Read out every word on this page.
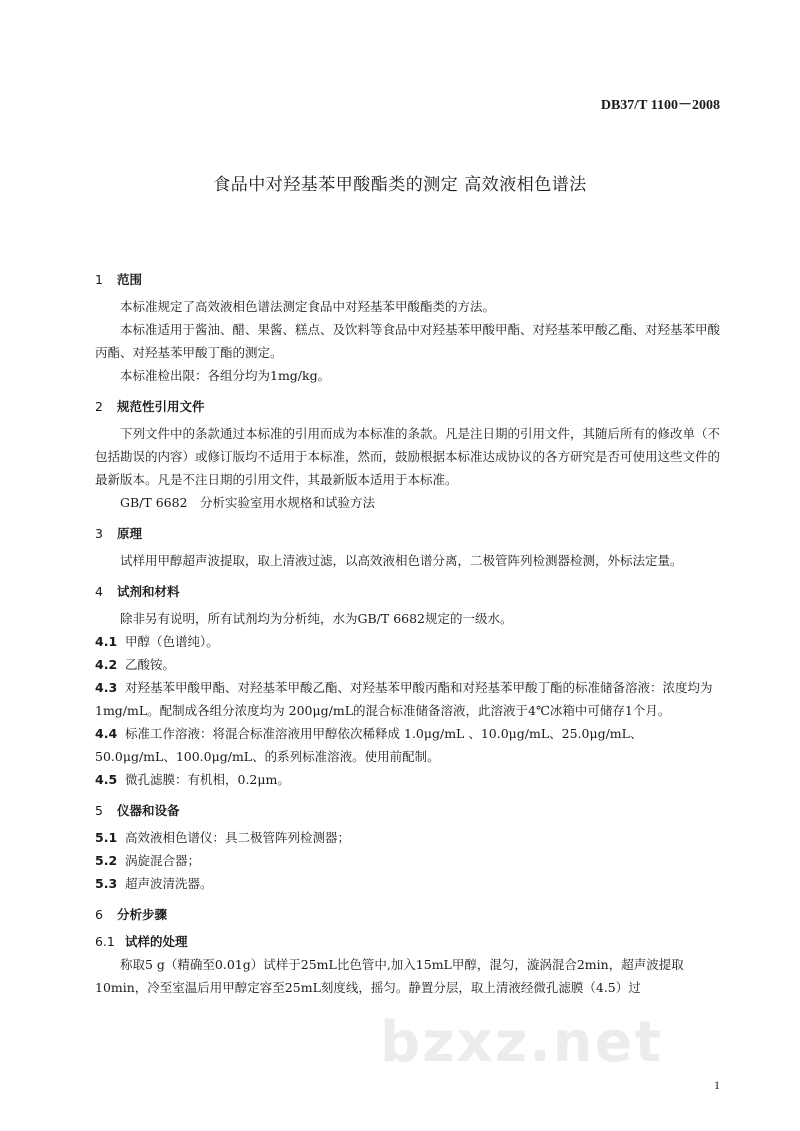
DB37/T 1100－2008
食品中对羟基苯甲酸酯类的测定 高效液相色谱法
1 范围

本标准规定了高效液相色谱法测定食品中对羟基苯甲酸酯类的方法。

本标准适用于酱油、醋、果酱、糕点、及饮料等食品中对羟基苯甲酸甲酯、对羟基苯甲酸乙酯、对羟基苯甲酸丙酯、对羟基苯甲酸丁酯的测定。

本标准检出限：各组分均为1mg/kg。

2 规范性引用文件

下列文件中的条款通过本标准的引用而成为本标准的条款。凡是注日期的引用文件，其随后所有的修改单（不包括勘误的内容）或修订版均不适用于本标准，然而，鼓励根据本标准达成协议的各方研究是否可使用这些文件的最新版本。凡是不注日期的引用文件，其最新版本适用于本标准。

GB/T 6682　分析实验室用水规格和试验方法

3 原理

试样用甲醇超声波提取，取上清液过滤，以高效液相色谱分离，二极管阵列检测器检测，外标法定量。

4 试剂和材料

除非另有说明，所有试剂均为分析纯，水为GB/T 6682规定的一级水。

4.1 甲醇（色谱纯）。

4.2 乙酸铵。

4.3 对羟基苯甲酸甲酯、对羟基苯甲酸乙酯、对羟基苯甲酸丙酯和对羟基苯甲酸丁酯的标准储备溶液：浓度均为1mg/mL。配制成各组分浓度均为 200μg/mL的混合标准储备溶液，此溶液于4℃冰箱中可储存1个月。

4.4 标准工作溶液：将混合标准溶液用甲醇依次稀释成 1.0μg/mL 、10.0μg/mL、25.0μg/mL、50.0μg/mL、100.0μg/mL、的系列标准溶液。使用前配制。

4.5 微孔滤膜：有机相，0.2μm。

5 仪器和设备

5.1 高效液相色谱仪：具二极管阵列检测器；

5.2 涡旋混合器；

5.3 超声波清洗器。

6 分析步骤
6.1 试样的处理

称取5 g（精确至0.01g）试样于25mL比色管中,加入15mL甲醇，混匀，漩涡混合2min，超声波提取10min，冷至室温后用甲醇定容至25mL刻度线，摇匀。静置分层，取上清液经微孔滤膜（4.5）过

bzxz.net
1
